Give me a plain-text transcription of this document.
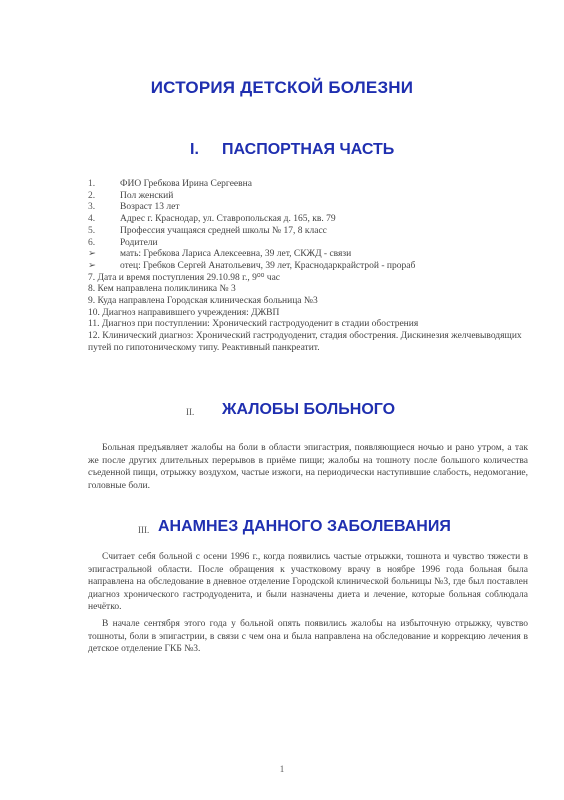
ИСТОРИЯ ДЕТСКОЙ БОЛЕЗНИ
I. ПАСПОРТНАЯ ЧАСТЬ
1.	ФИО Гребкова Ирина Сергеевна
2.	Пол женский
3.	Возраст 13 лет
4.	Адрес г. Краснодар, ул. Ставропольская д. 165, кв. 79
5.	Профессия учащаяся средней школы № 17, 8 класс
6.	Родители
➢	мать: Гребкова Лариса Алексеевна, 39 лет, СКЖД - связи
➢	отец: Гребков Сергей Анатольевич, 39 лет, Краснодаркрайстрой - прораб
7. Дата и время поступления 29.10.98 г., 9⁰⁰ час
8. Кем направлена поликлиника № 3
9. Куда направлена Городская клиническая больница №3
10. Диагноз направившего учреждения: ДЖВП
11. Диагноз при поступлении: Хронический гастродуоденит в стадии обострения
12. Клинический диагноз: Хронический гастродуоденит, стадия обострения. Дискинезия желчевыводящих путей по гипотоническому типу. Реактивный панкреатит.
II. ЖАЛОБЫ БОЛЬНОГО

Больная предъявляет жалобы на боли в области эпигастрия, появляющиеся ночью и рано утром, а так же после других длительных перерывов в приёме пищи; жалобы на тошноту после большого количества съеденной пищи, отрыжку воздухом, частые изжоги, на периодически наступившие слабость, недомогание, головные боли.

III. АНАМНЕЗ ДАННОГО ЗАБОЛЕВАНИЯ

Считает себя больной с осени 1996 г., когда появились частые отрыжки, тошнота и чувство тяжести в эпигастральной области. После обращения к участковому врачу в ноябре 1996 года больная была направлена на обследование в дневное отделение Городской клинической больницы №3, где был поставлен диагноз хронического гастродуоденита, и были назначены диета и лечение, которые больная соблюдала нечётко.

В начале сентября этого года у больной опять появились жалобы на избыточную отрыжку, чувство тошноты, боли в эпигастрии, в связи с чем она и была направлена на обследование и коррекцию лечения в детское отделение ГКБ №3.

1
